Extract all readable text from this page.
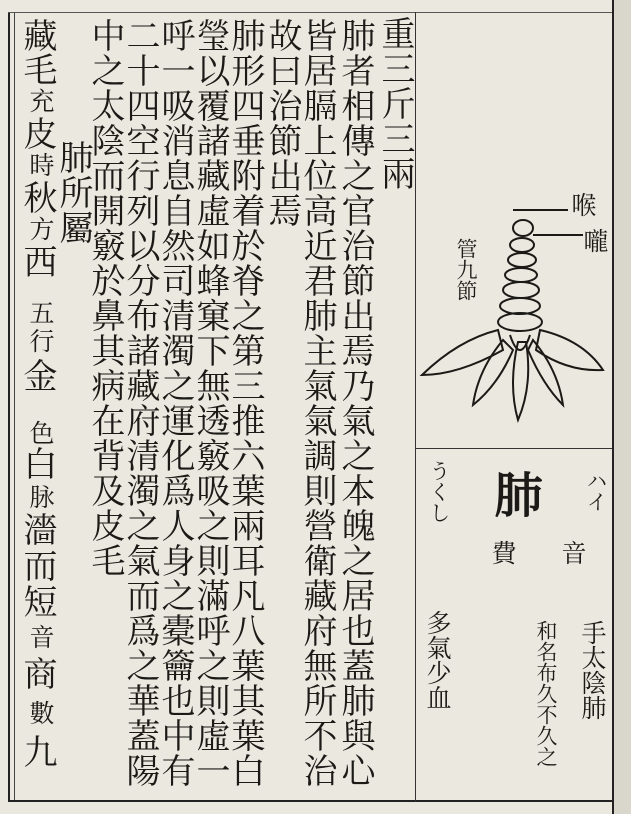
重三斤三兩
肺者相傳之官治節出焉乃氣之本魄之居也蓋肺與心
皆居膈上位高近君肺主氣氣調則營衛藏府無所不治
故曰治節出焉
肺形四垂附着於脊之第三推六葉兩耳凡八葉其葉白
瑩以覆諸藏虛如蜂窠下無透竅吸之則滿呼之則虛一
呼一吸消息自然司清濁之運化爲人身之橐籥也中有
二十四空行列以分布諸藏府清濁之氣而爲之華蓋陽
中之太陰而開竅於鼻其病在背及皮毛
藏
毛
充
皮
時
秋
方
西
五
行
金
色
白
脉
濇
而
短
音
商
數
九
肺所屬	喉
嚨
管九節
肺
音
費
ハイ
うくし
手太陰肺
和名布久不久之
多氣少血
